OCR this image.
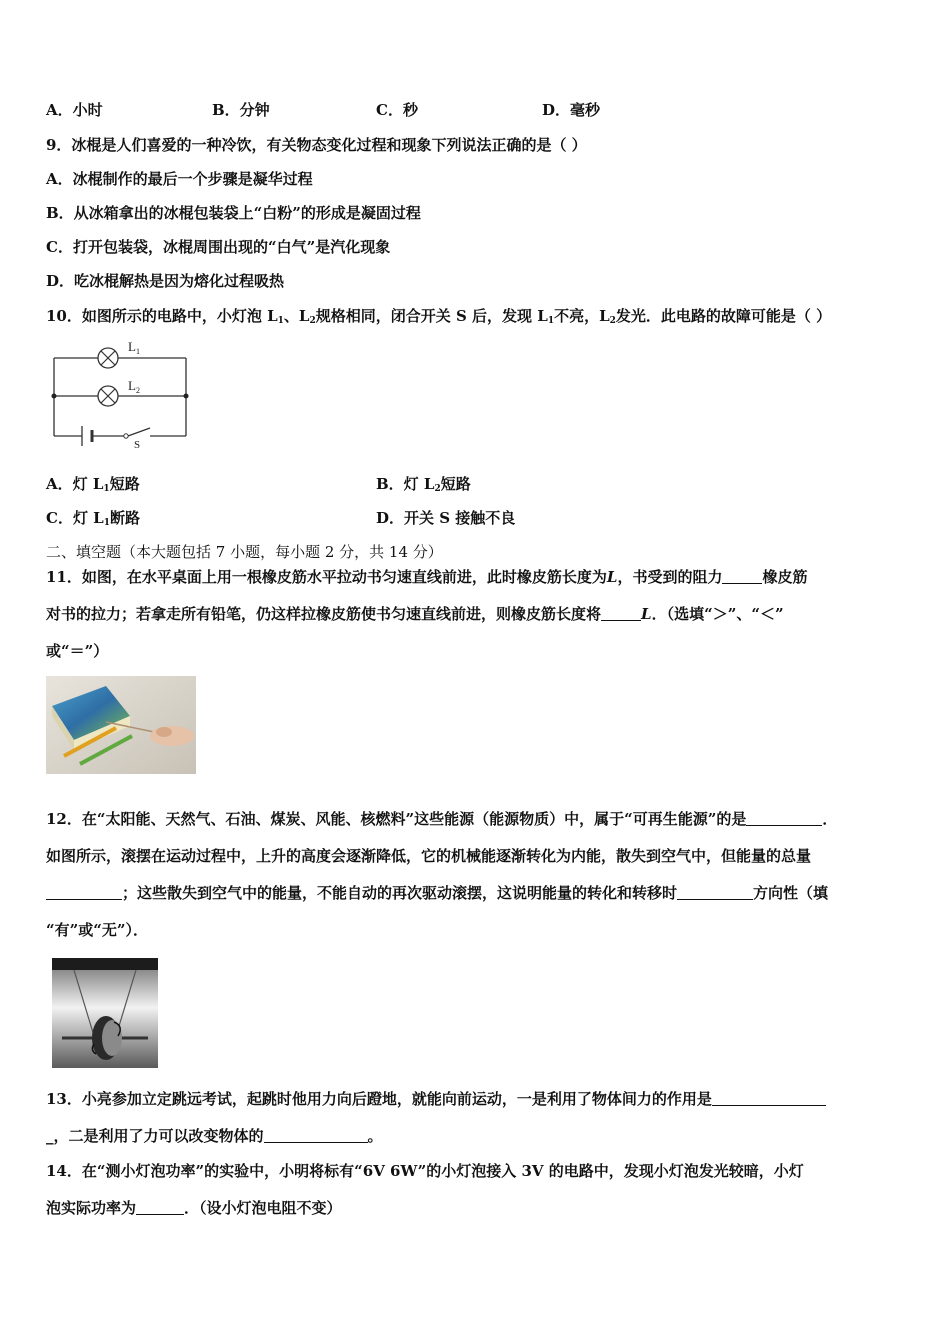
A．小时	B．分钟	C．秒	D．毫秒
9．冰棍是人们喜爱的一种冷饮，有关物态变化过程和现象下列说法正确的是（ ）
A．冰棍制作的最后一个步骤是凝华过程
B．从冰箱拿出的冰棍包装袋上“白粉”的形成是凝固过程
C．打开包装袋，冰棍周围出现的“白气”是汽化现象
D．吃冰棍解热是因为熔化过程吸热
10．如图所示的电路中，小灯泡 $L_1$、$L_2$规格相同，闭合开关 S 后，发现 $L_1$不亮，$L_2$发光．此电路的故障可能是（ ）
L 1
L 2
S
A．灯 $L_1$短路	B．灯 $L_2$短路
C．灯 $L_1$断路	D．开关 S 接触不良
二、填空题（本大题包括 7 小题，每小题 2 分，共 14 分）
11．如图，在水平桌面上用一根橡皮筋水平拉动书匀速直线前进，此时橡皮筋长度为L，书受到的阻力	橡皮筋
对书的拉力；若拿走所有铅笔，仍这样拉橡皮筋使书匀速直线前进，则橡皮筋长度将	L．（选填“＞”、“＜”
或“＝”）
12．在“太阳能、天然气、石油、煤炭、风能、核燃料”这些能源（能源物质）中，属于“可再生能源”的是	．
如图所示，滚摆在运动过程中，上升的高度会逐渐降低，它的机械能逐渐转化为内能，散失到空气中，但能量的总量
；这些散失到空气中的能量，不能自动的再次驱动滚摆，这说明能量的转化和转移时	方向性（填
“有”或“无”）．
13．小亮参加立定跳远考试，起跳时他用力向后蹬地，就能向前运动，一是利用了物体间力的作用是
_，二是利用了力可以改变物体的	。
14．在“测小灯泡功率”的实验中，小明将标有“6V 6W”的小灯泡接入 3V 的电路中，发现小灯泡发光较暗，小灯
泡实际功率为	．（设小灯泡电阻不变）
